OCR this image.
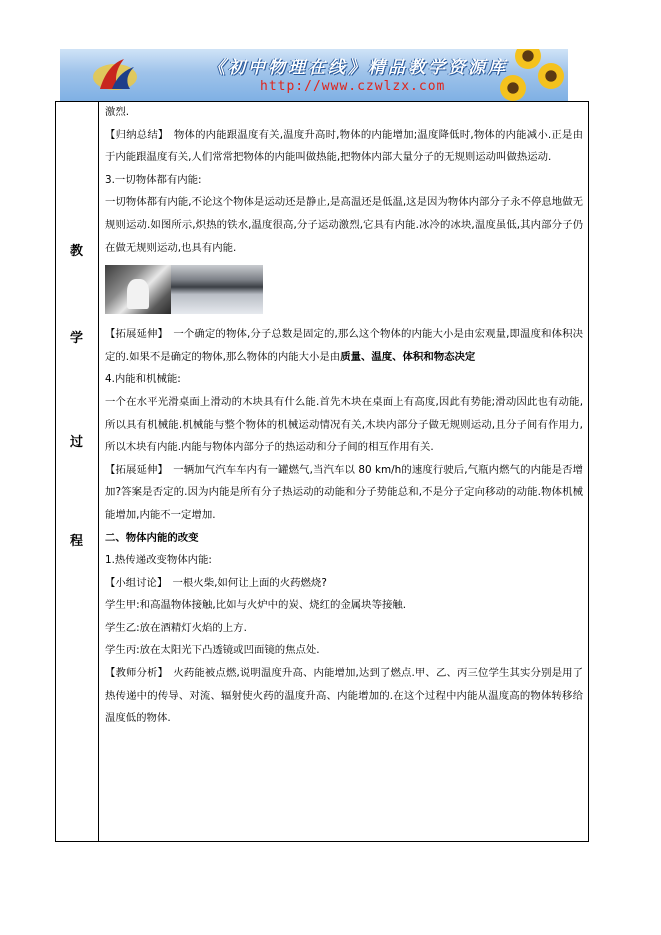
《初中物理在线》精品教学资源库
http://www.czwlzx.com
教
学
过
程

激烈.

【归纳总结】　物体的内能跟温度有关,温度升高时,物体的内能增加;温度降低时,物体的内能减小.正是由于内能跟温度有关,人们常常把物体的内能叫做热能,把物体内部大量分子的无规则运动叫做热运动.

3.一切物体都有内能:

一切物体都有内能,不论这个物体是运动还是静止,是高温还是低温,这是因为物体内部分子永不停息地做无规则运动.如图所示,炽热的铁水,温度很高,分子运动激烈,它具有内能.冰冷的冰块,温度虽低,其内部分子仍在做无规则运动,也具有内能.

【拓展延伸】　一个确定的物体,分子总数是固定的,那么这个物体的内能大小是由宏观量,即温度和体积决定的.如果不是确定的物体,那么物体的内能大小是由质量、温度、体积和物态决定

4.内能和机械能:

一个在水平光滑桌面上滑动的木块具有什么能.首先木块在桌面上有高度,因此有势能;滑动因此也有动能,所以具有机械能.机械能与整个物体的机械运动情况有关,木块内部分子做无规则运动,且分子间有作用力,所以木块有内能.内能与物体内部分子的热运动和分子间的相互作用有关.

【拓展延伸】　一辆加气汽车车内有一罐燃气,当汽车以 80 km/h的速度行驶后,气瓶内燃气的内能是否增加?答案是否定的.因为内能是所有分子热运动的动能和分子势能总和,不是分子定向移动的动能.物体机械能增加,内能不一定增加.

二、物体内能的改变

1.热传递改变物体内能:

【小组讨论】　一根火柴,如何让上面的火药燃烧?

学生甲:和高温物体接触,比如与火炉中的炭、烧红的金属块等接触.

学生乙:放在酒精灯火焰的上方.

学生丙:放在太阳光下凸透镜或凹面镜的焦点处.

【教师分析】　火药能被点燃,说明温度升高、内能增加,达到了燃点.甲、乙、丙三位学生其实分别是用了热传递中的传导、对流、辐射使火药的温度升高、内能增加的.在这个过程中内能从温度高的物体转移给温度低的物体.
